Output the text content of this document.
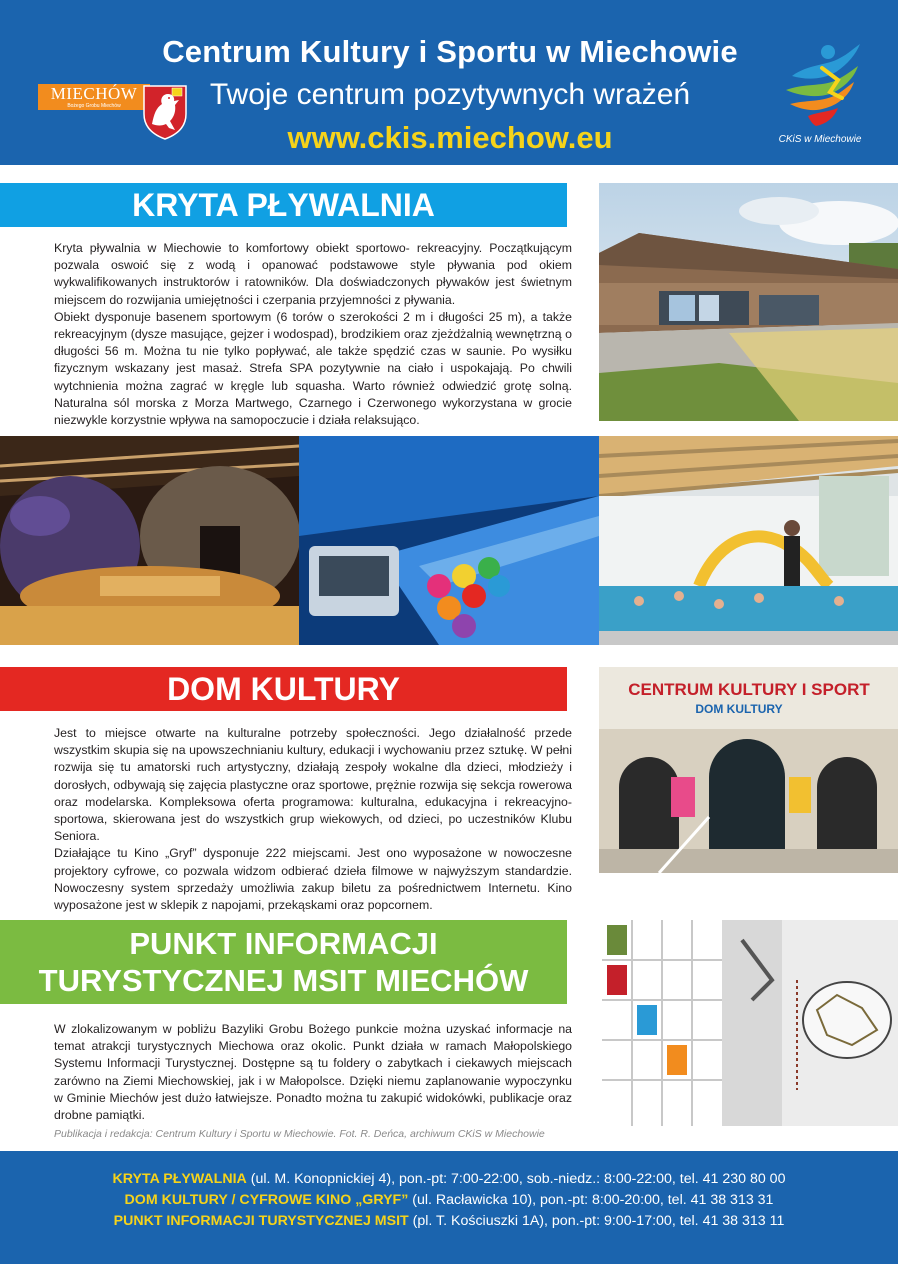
Centrum Kultury i Sportu w Miechowie
Twoje centrum pozytywnych wrażeń
www.ckis.miechow.eu
MIECHÓW
Bożego Grobu Miechów
CKiS w Miechowie
KRYTA PŁYWALNIA

Kryta pływalnia w Miechowie to komfortowy obiekt sportowo- rekreacyjny. Początkującym pozwala oswoić się z wodą i opanować podstawowe style pływania pod okiem wykwalifikowanych instruktorów i ratowników. Dla doświadczonych pływaków jest świetnym miejscem do rozwijania umiejętności i czerpania przyjemności z pływania.

Obiekt dysponuje basenem sportowym (6 torów o szerokości 2 m i długości 25 m), a także rekreacyjnym (dysze masujące, gejzer i wodospad), brodzikiem oraz zjeżdżalnią wewnętrzną o długości 56 m. Można tu nie tylko popływać, ale także spędzić czas w saunie. Po wysiłku fizycznym wskazany jest masaż. Strefa SPA pozytywnie na ciało i uspokajają. Po chwili wytchnienia można zagrać w kręgle lub squasha. Warto również odwiedzić grotę solną. Naturalna sól morska z Morza Martwego, Czarnego i Czerwonego wykorzystana w grocie niezwykle korzystnie wpływa na samopoczucie i działa relaksująco.

DOM KULTURY

Jest to miejsce otwarte na kulturalne potrzeby społeczności. Jego działalność przede wszystkim skupia się na upowszechnianiu kultury, edukacji i wychowaniu przez sztukę. W pełni rozwija się tu amatorski ruch artystyczny, działają zespoły wokalne dla dzieci, młodzieży i dorosłych, odbywają się zajęcia plastyczne oraz sportowe, prężnie rozwija się sekcja rowerowa oraz modelarska. Kompleksowa oferta programowa: kulturalna, edukacyjna i rekreacyjno-sportowa, skierowana jest do wszystkich grup wiekowych, od dzieci, po uczestników Klubu Seniora.

Działające tu Kino „Gryf” dysponuje 222 miejscami. Jest ono wyposażone w nowoczesne projektory cyfrowe, co pozwala widzom odbierać dzieła filmowe w najwyższym standardzie. Nowoczesny system sprzedaży umożliwia zakup biletu za pośrednictwem Internetu. Kino wyposażone jest w sklepik z napojami, przekąskami oraz popcornem.

CENTRUM KULTURY I SPORT
DOM KULTURY
PUNKT INFORMACJI
TURYSTYCZNEJ MSIT MIECHÓW

W zlokalizowanym w pobliżu Bazyliki Grobu Bożego punkcie można uzyskać informacje na temat atrakcji turystycznych Miechowa oraz okolic. Punkt działa w ramach Małopolskiego Systemu Informacji Turystycznej. Dostępne są tu foldery o zabytkach i ciekawych miejscach zarówno na Ziemi Miechowskiej, jak i w Małopolsce. Dzięki niemu zaplanowanie wypoczynku w Gminie Miechów jest dużo łatwiejsze. Ponadto można tu zakupić widokówki, publikacje oraz drobne pamiątki.

Publikacja i redakcja: Centrum Kultury i Sportu w Miechowie. Fot. R. Deńca, archiwum CKiS w Miechowie
KRYTA PŁYWALNIA (ul. M. Konopnickiej 4), pon.-pt: 7:00-22:00, sob.-niedz.: 8:00-22:00, tel. 41 230 80 00
DOM KULTURY / CYFROWE KINO „GRYF” (ul. Racławicka 10), pon.-pt: 8:00-20:00, tel. 41 38 313 31
PUNKT INFORMACJI TURYSTYCZNEJ MSIT (pl. T. Kościuszki 1A), pon.-pt: 9:00-17:00, tel. 41 38 313 11
